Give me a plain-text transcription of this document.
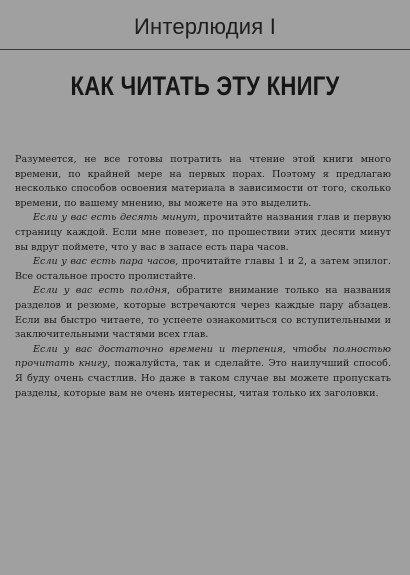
Интерлюдия I
КАК ЧИТАТЬ ЭТУ КНИГУ

Разумеется, не все готовы потратить на чтение этой книги много времени, по крайней мере на первых порах. Поэтому я предлагаю несколько способов освоения материала в зависимости от того, сколько времени, по вашему мнению, вы можете на это выделить.

Если у вас есть десять минут, прочитайте названия глав и первую страницу каждой. Если мне повезет, по прошествии этих десяти минут вы вдруг поймете, что у вас в запасе есть пара часов.

Если у вас есть пара часов, прочитайте главы 1 и 2, а затем эпилог. Все остальное просто пролистайте.

Если у вас есть полдня, обратите внимание только на названия разделов и резюме, которые встречаются через каждые пару абзацев. Если вы быстро читаете, то успеете ознакомиться со вступительными и заключительными частями всех глав.

Если у вас достаточно времени и терпения, чтобы полностью прочитать книгу, пожалуйста, так и сделайте. Это наилучший способ. Я буду очень счастлив. Но даже в таком случае вы можете пропускать разделы, которые вам не очень интересны, читая только их заголовки.
